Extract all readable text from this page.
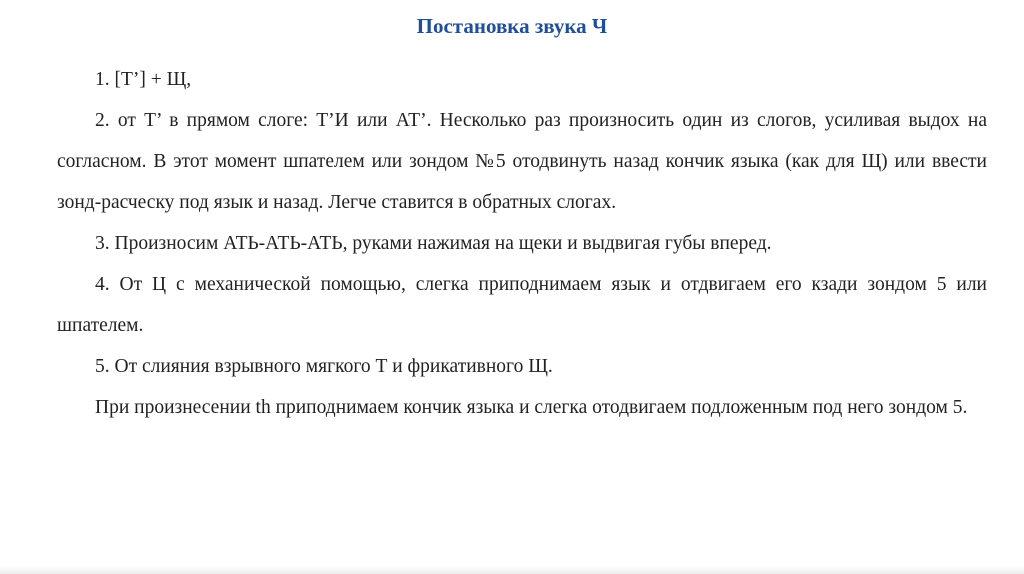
Постановка звука Ч

1. [Т’] + Щ,

2. от Т’ в прямом слоге: Т’И или АТ’. Несколько раз произносить один из слогов, усиливая выдох на согласном. В этот момент шпателем или зондом №5 отодвинуть назад кончик языка (как для Щ) или ввести зонд-расческу под язык и назад. Легче ставится в обратных слогах.

3. Произносим АТЬ-АТЬ-АТЬ, руками нажимая на щеки и выдвигая губы вперед.

4. От Ц с механической помощью, слегка приподнимаем язык и отдвигаем его кзади зондом 5 или шпателем.

5. От слияния взрывного мягкого Т и фрикативного Щ.

При произнесении th приподнимаем кончик языка и слегка отодвигаем подложенным под него зондом 5.
